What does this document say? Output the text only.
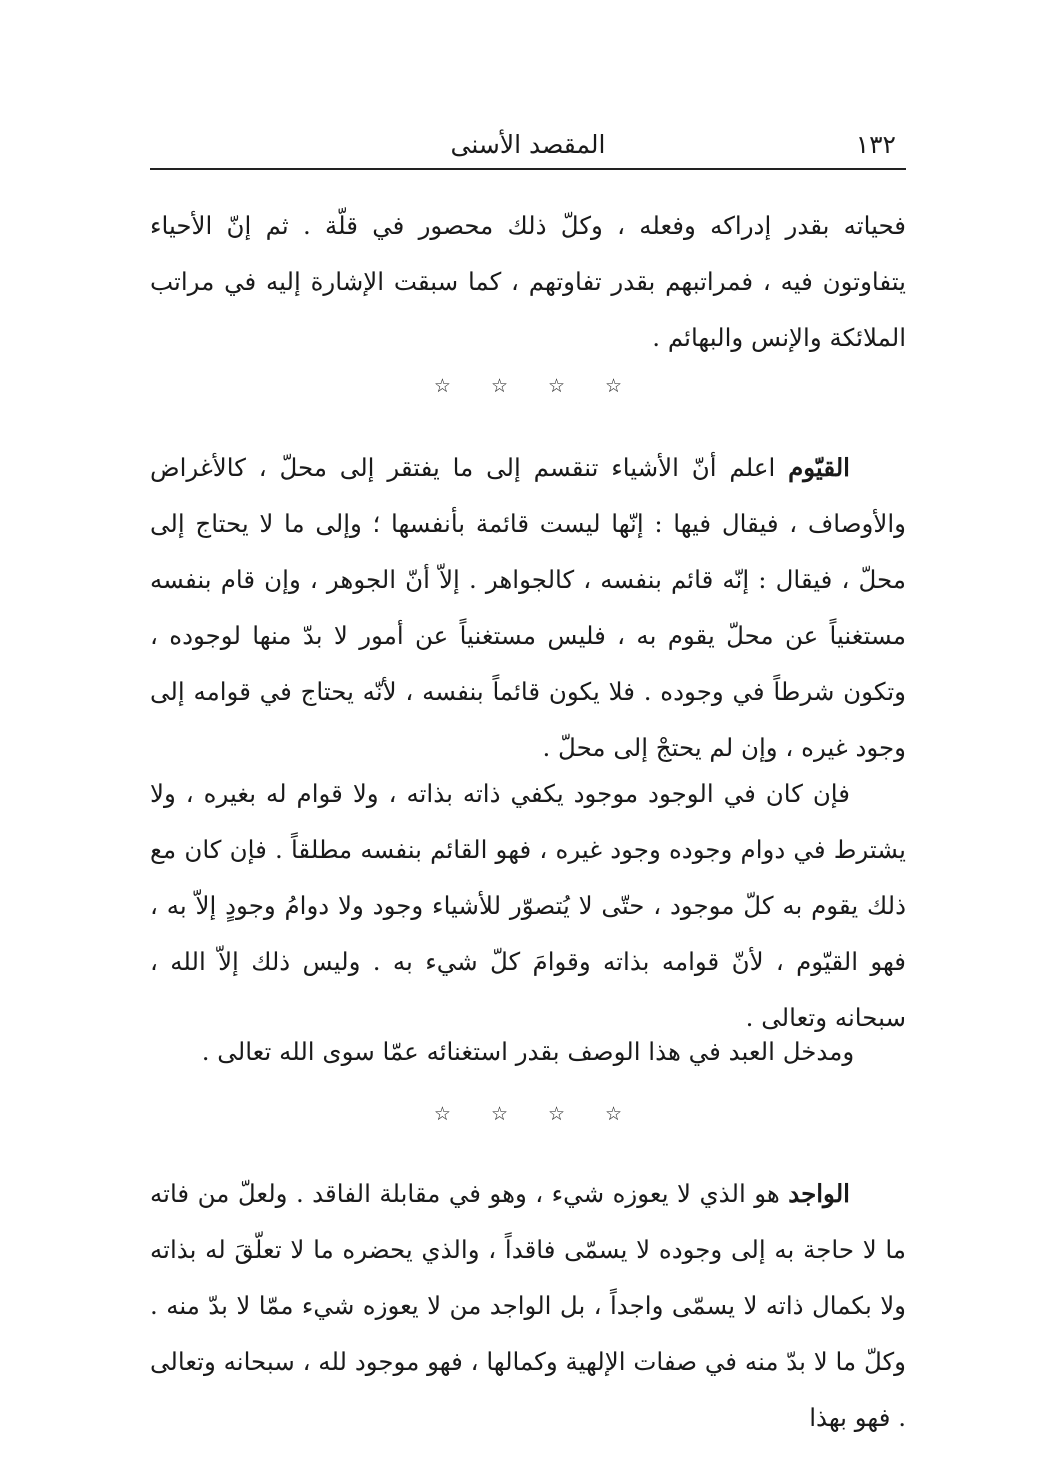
١٣٢
المقصد الأسنى

فحياته بقدر إدراكه وفعله ، وكلّ ذلك محصور في قلّة . ثم إنّ الأحياء يتفاوتون فيه ، فمراتبهم بقدر تفاوتهم ، كما سبقت الإشارة إليه في مراتب الملائكة والإنس والبهائم .

☆ ☆ ☆ ☆

القيّوم اعلم أنّ الأشياء تنقسم إلى ما يفتقر إلى محلّ ، كالأغراض والأوصاف ، فيقال فيها : إنّها ليست قائمة بأنفسها ؛ وإلى ما لا يحتاج إلى محلّ ، فيقال : إنّه قائم بنفسه ، كالجواهر . إلاّ أنّ الجوهر ، وإن قام بنفسه مستغنياً عن محلّ يقوم به ، فليس مستغنياً عن أمور لا بدّ منها لوجوده ، وتكون شرطاً في وجوده . فلا يكون قائماً بنفسه ، لأنّه يحتاج في قوامه إلى وجود غيره ، وإن لم يحتجْ إلى محلّ .

فإن كان في الوجود موجود يكفي ذاته بذاته ، ولا قوام له بغيره ، ولا يشترط في دوام وجوده وجود غيره ، فهو القائم بنفسه مطلقاً . فإن كان مع ذلك يقوم به كلّ موجود ، حتّى لا يُتصوّر للأشياء وجود ولا دوامُ وجودٍ إلاّ به ، فهو القيّوم ، لأنّ قوامه بذاته وقوامَ كلّ شيء به . وليس ذلك إلاّ الله ، سبحانه وتعالى .

ومدخل العبد في هذا الوصف بقدر استغنائه عمّا سوى الله تعالى .

☆ ☆ ☆ ☆

الواجد هو الذي لا يعوزه شيء ، وهو في مقابلة الفاقد . ولعلّ من فاته ما لا حاجة به إلى وجوده لا يسمّى فاقداً ، والذي يحضره ما لا تعلّقَ له بذاته ولا بكمال ذاته لا يسمّى واجداً ، بل الواجد من لا يعوزه شيء ممّا لا بدّ منه . وكلّ ما لا بدّ منه في صفات الإلهية وكمالها ، فهو موجود لله ، سبحانه وتعالى . فهو بهذا
